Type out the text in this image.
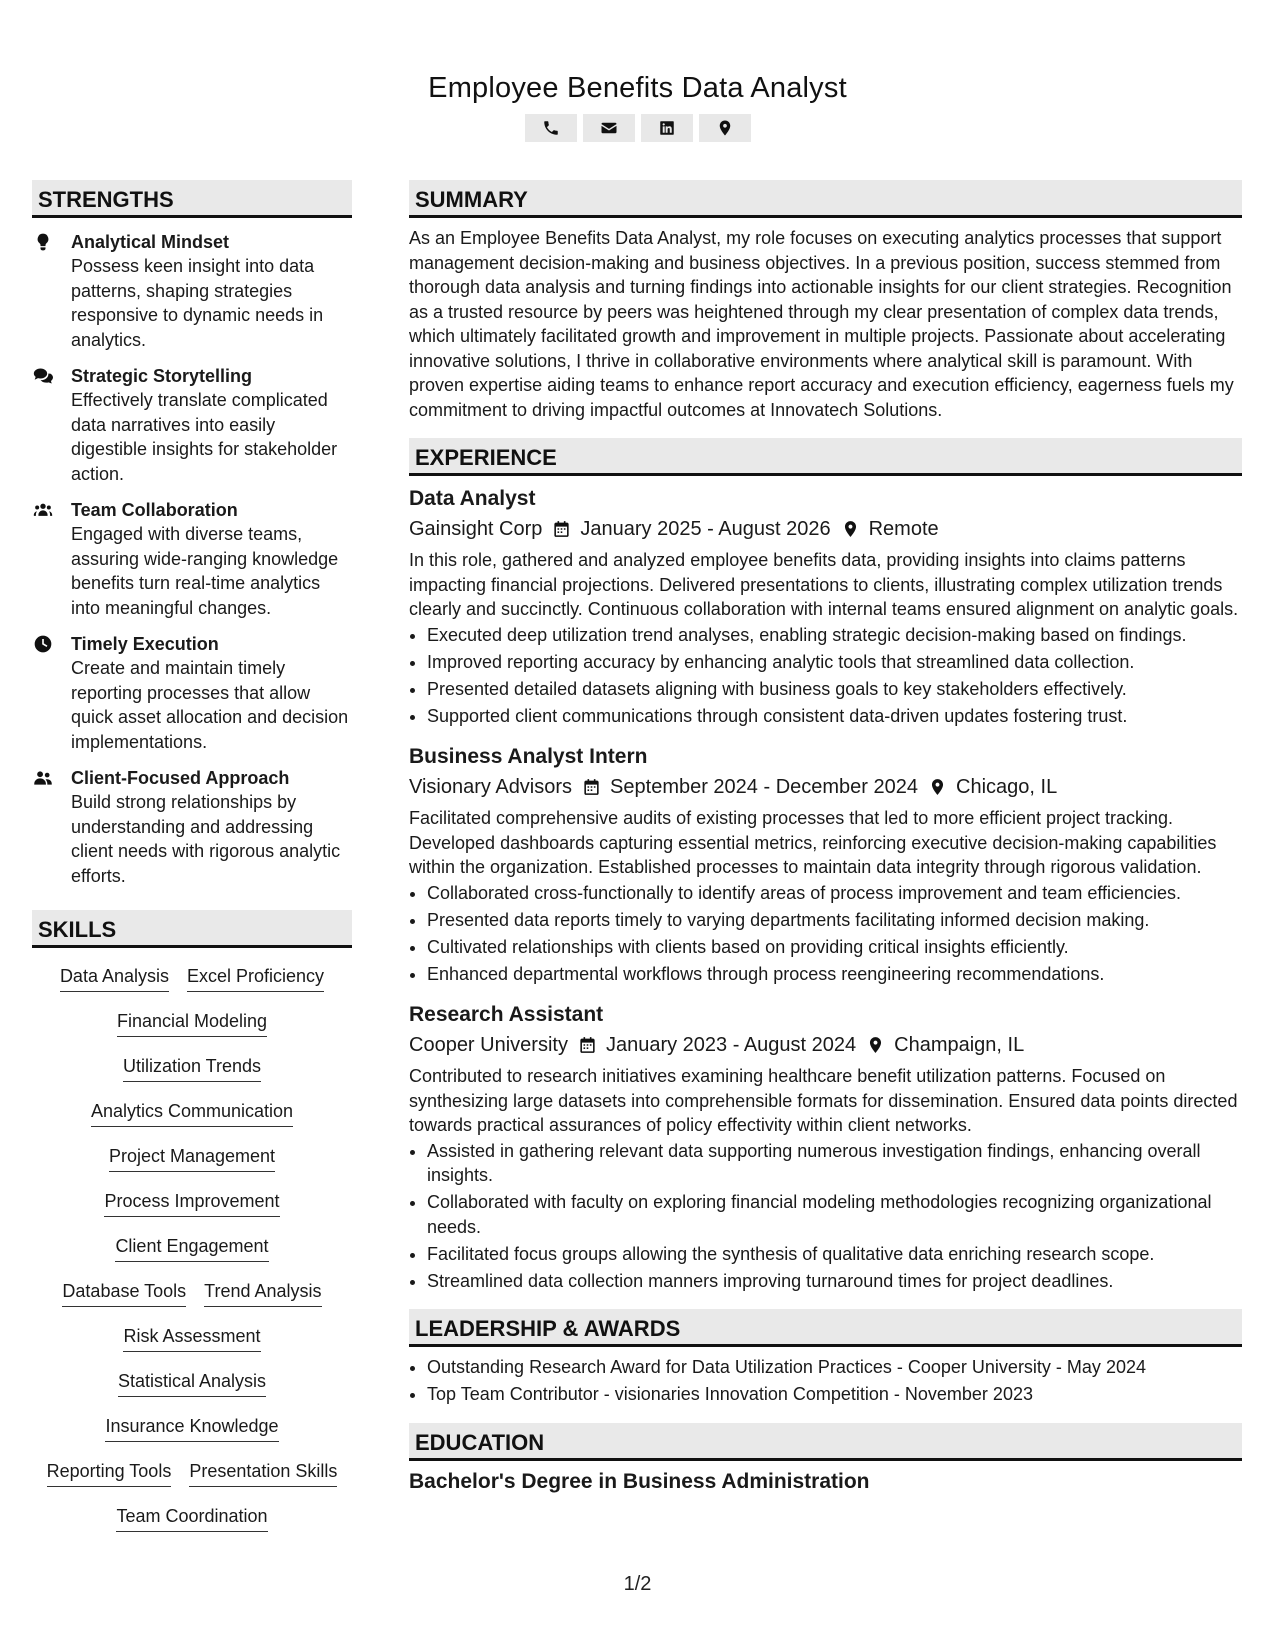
Employee Benefits Data Analyst
STRENGTHS
Analytical Mindset
Possess keen insight into data patterns, shaping strategies responsive to dynamic needs in analytics.
Strategic Storytelling
Effectively translate complicated data narratives into easily digestible insights for stakeholder action.
Team Collaboration
Engaged with diverse teams, assuring wide-ranging knowledge benefits turn real-time analytics into meaningful changes.
Timely Execution
Create and maintain timely reporting processes that allow quick asset allocation and decision implementations.
Client-Focused Approach
Build strong relationships by understanding and addressing client needs with rigorous analytic efforts.
SKILLS
Data Analysis Excel Proficiency
Financial Modeling
Utilization Trends
Analytics Communication
Project Management
Process Improvement
Client Engagement
Database Tools Trend Analysis
Risk Assessment
Statistical Analysis
Insurance Knowledge
Reporting Tools Presentation Skills
Team Coordination
SUMMARY
As an Employee Benefits Data Analyst, my role focuses on executing analytics processes that support management decision-making and business objectives. In a previous position, success stemmed from thorough data analysis and turning findings into actionable insights for our client strategies. Recognition as a trusted resource by peers was heightened through my clear presentation of complex data trends, which ultimately facilitated growth and improvement in multiple projects. Passionate about accelerating innovative solutions, I thrive in collaborative environments where analytical skill is paramount. With proven expertise aiding teams to enhance report accuracy and execution efficiency, eagerness fuels my commitment to driving impactful outcomes at Innovatech Solutions.
EXPERIENCE
Data Analyst
Gainsight Corp January 2025 - August 2026 Remote
In this role, gathered and analyzed employee benefits data, providing insights into claims patterns impacting financial projections. Delivered presentations to clients, illustrating complex utilization trends clearly and succinctly. Continuous collaboration with internal teams ensured alignment on analytic goals.
• Executed deep utilization trend analyses, enabling strategic decision-making based on findings.
• Improved reporting accuracy by enhancing analytic tools that streamlined data collection.
• Presented detailed datasets aligning with business goals to key stakeholders effectively.
• Supported client communications through consistent data-driven updates fostering trust.
Business Analyst Intern
Visionary Advisors September 2024 - December 2024 Chicago, IL
Facilitated comprehensive audits of existing processes that led to more efficient project tracking. Developed dashboards capturing essential metrics, reinforcing executive decision-making capabilities within the organization. Established processes to maintain data integrity through rigorous validation.
• Collaborated cross-functionally to identify areas of process improvement and team efficiencies.
• Presented data reports timely to varying departments facilitating informed decision making.
• Cultivated relationships with clients based on providing critical insights efficiently.
• Enhanced departmental workflows through process reengineering recommendations.
Research Assistant
Cooper University January 2023 - August 2024 Champaign, IL
Contributed to research initiatives examining healthcare benefit utilization patterns. Focused on synthesizing large datasets into comprehensible formats for dissemination. Ensured data points directed towards practical assurances of policy effectivity within client networks.
• Assisted in gathering relevant data supporting numerous investigation findings, enhancing overall insights.
• Collaborated with faculty on exploring financial modeling methodologies recognizing organizational needs.
• Facilitated focus groups allowing the synthesis of qualitative data enriching research scope.
• Streamlined data collection manners improving turnaround times for project deadlines.
LEADERSHIP & AWARDS
• Outstanding Research Award for Data Utilization Practices - Cooper University - May 2024
• Top Team Contributor - visionaries Innovation Competition - November 2023
EDUCATION
Bachelor's Degree in Business Administration
1/2
